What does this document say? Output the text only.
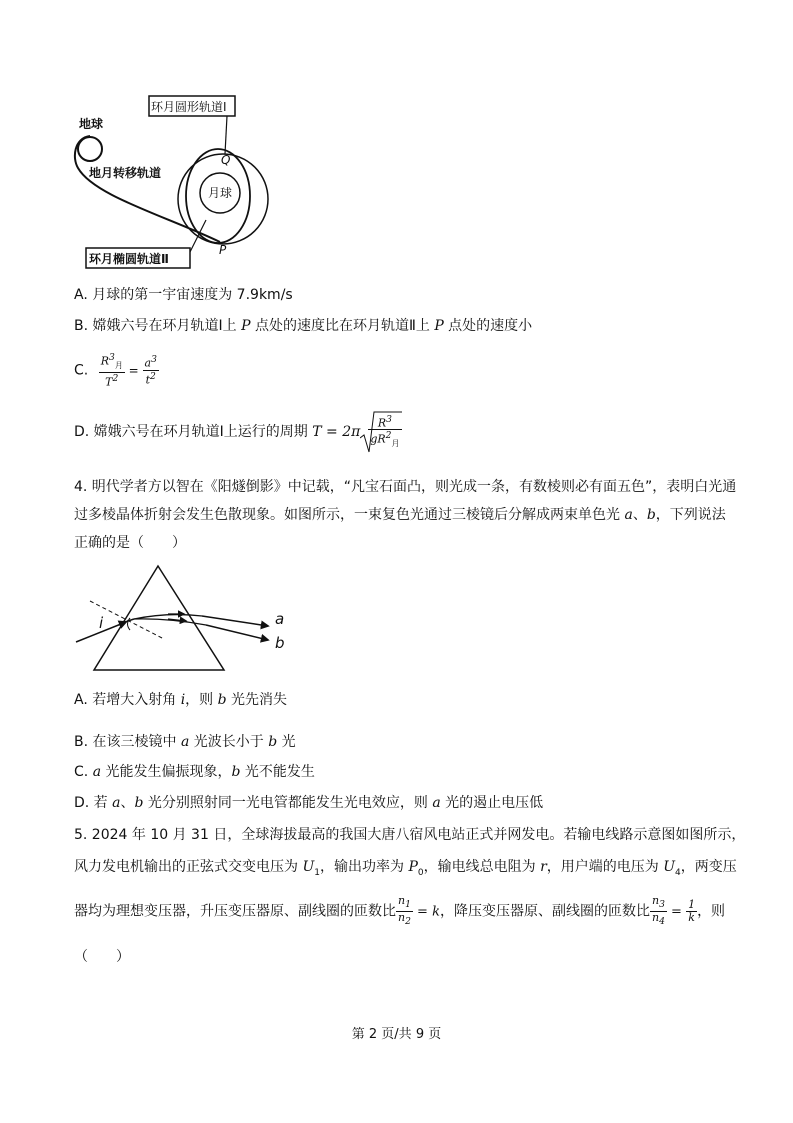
地球
地月转移轨道
环月圆形轨道Ⅰ
环月椭圆轨道Ⅱ
月球
Q
P
A. 月球的第一宇宙速度为 7.9km/s
B. 嫦娥六号在环月轨道Ⅰ上 P 点处的速度比在环月轨道Ⅱ上 P 点处的速度小
C. $\frac{R^3_月}{T^2} = \frac{a^3}{t^2}$
D. 嫦娥六号在环月轨道Ⅰ上运行的周期 $T = 2\pi \frac{R^3}{gR^2_月}$
4. 明代学者方以智在《阳燧倒影》中记载，“凡宝石面凸，则光成一条，有数棱则必有面五色”，表明白光通
过多棱晶体折射会发生色散现象。如图所示，一束复色光通过三棱镜后分解成两束单色光 a、b，下列说法
正确的是（　　）
i	a
b
A. 若增大入射角 i，则 b 光先消失
B. 在该三棱镜中 a 光波长小于 b 光
C. a 光能发生偏振现象，b 光不能发生
D. 若 a、b 光分别照射同一光电管都能发生光电效应，则 a 光的遏止电压低
5. 2024 年 10 月 31 日，全球海拔最高的我国大唐八宿风电站正式并网发电。若输电线路示意图如图所示，
风力发电机输出的正弦式交变电压为 $U_1$，输出功率为 $P_0$，输电线总电阻为 r，用户端的电压为 $U_4$，两变压
器均为理想变压器，升压变压器原、副线圈的匝数比 $\frac{n_1}{n_2} = k$，降压变压器原、副线圈的匝数比 $\frac{n_3}{n_4} = \frac{1}{k}$ ，则
（　　）
第 2 页/共 9 页
